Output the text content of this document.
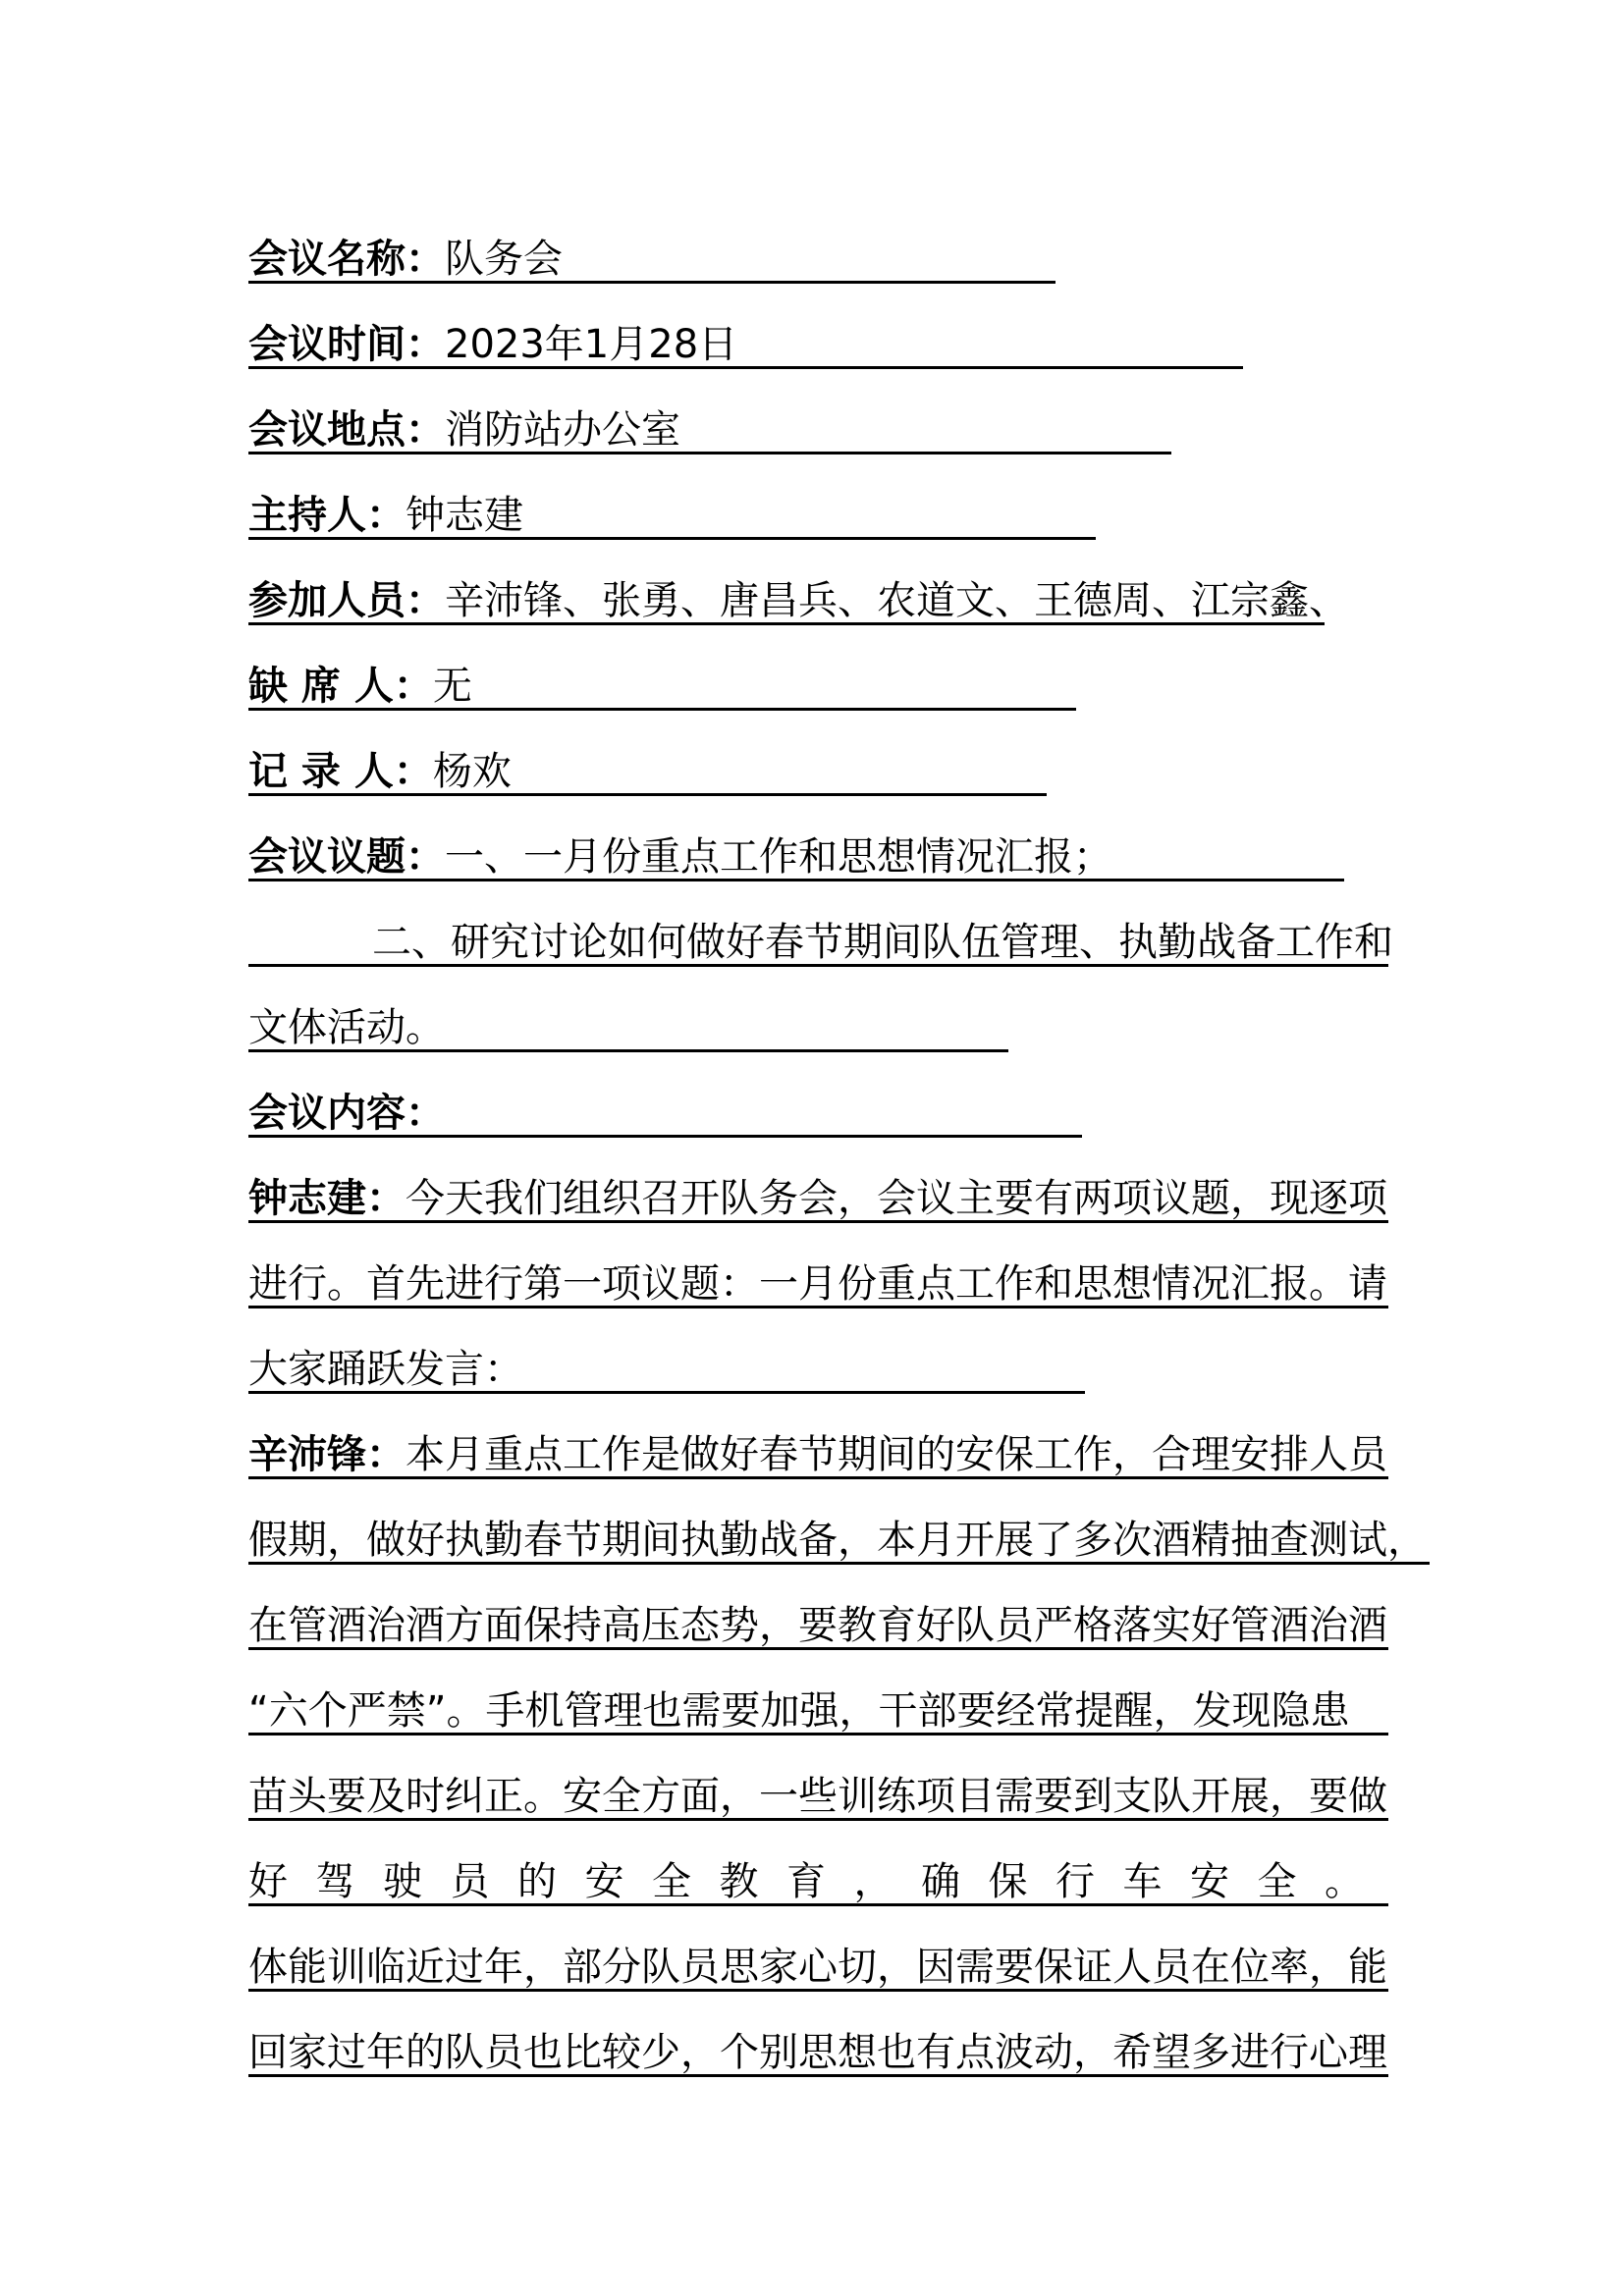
会议名称：队务会
会议时间：2023年1月28日
会议地点：消防站办公室
主持人：钟志建
参加人员：辛沛锋、张勇、唐昌兵、农道文、王德周、江宗鑫、
缺 席 人：无
记 录 人：杨欢
会议议题：一、一月份重点工作和思想情况汇报；
二、研究讨论如何做好春节期间队伍管理、执勤战备工作和
文体活动。
会议内容：
钟志建：今天我们组织召开队务会，会议主要有两项议题，现逐项
进行。首先进行第一项议题：一月份重点工作和思想情况汇报。请
大家踊跃发言：
辛沛锋：本月重点工作是做好春节期间的安保工作，合理安排人员
假期，做好执勤春节期间执勤战备，本月开展了多次酒精抽查测试，
在管酒治酒方面保持高压态势，要教育好队员严格落实好管酒治酒
“六个严禁”。手机管理也需要加强，干部要经常提醒，发现隐患
苗头要及时纠正。安全方面，一些训练项目需要到支队开展，要做
好驾驶员的安全教育，确保行车安全。
体能训临近过年，部分队员思家心切，因需要保证人员在位率，能
回家过年的队员也比较少，个别思想也有点波动，希望多进行心理
